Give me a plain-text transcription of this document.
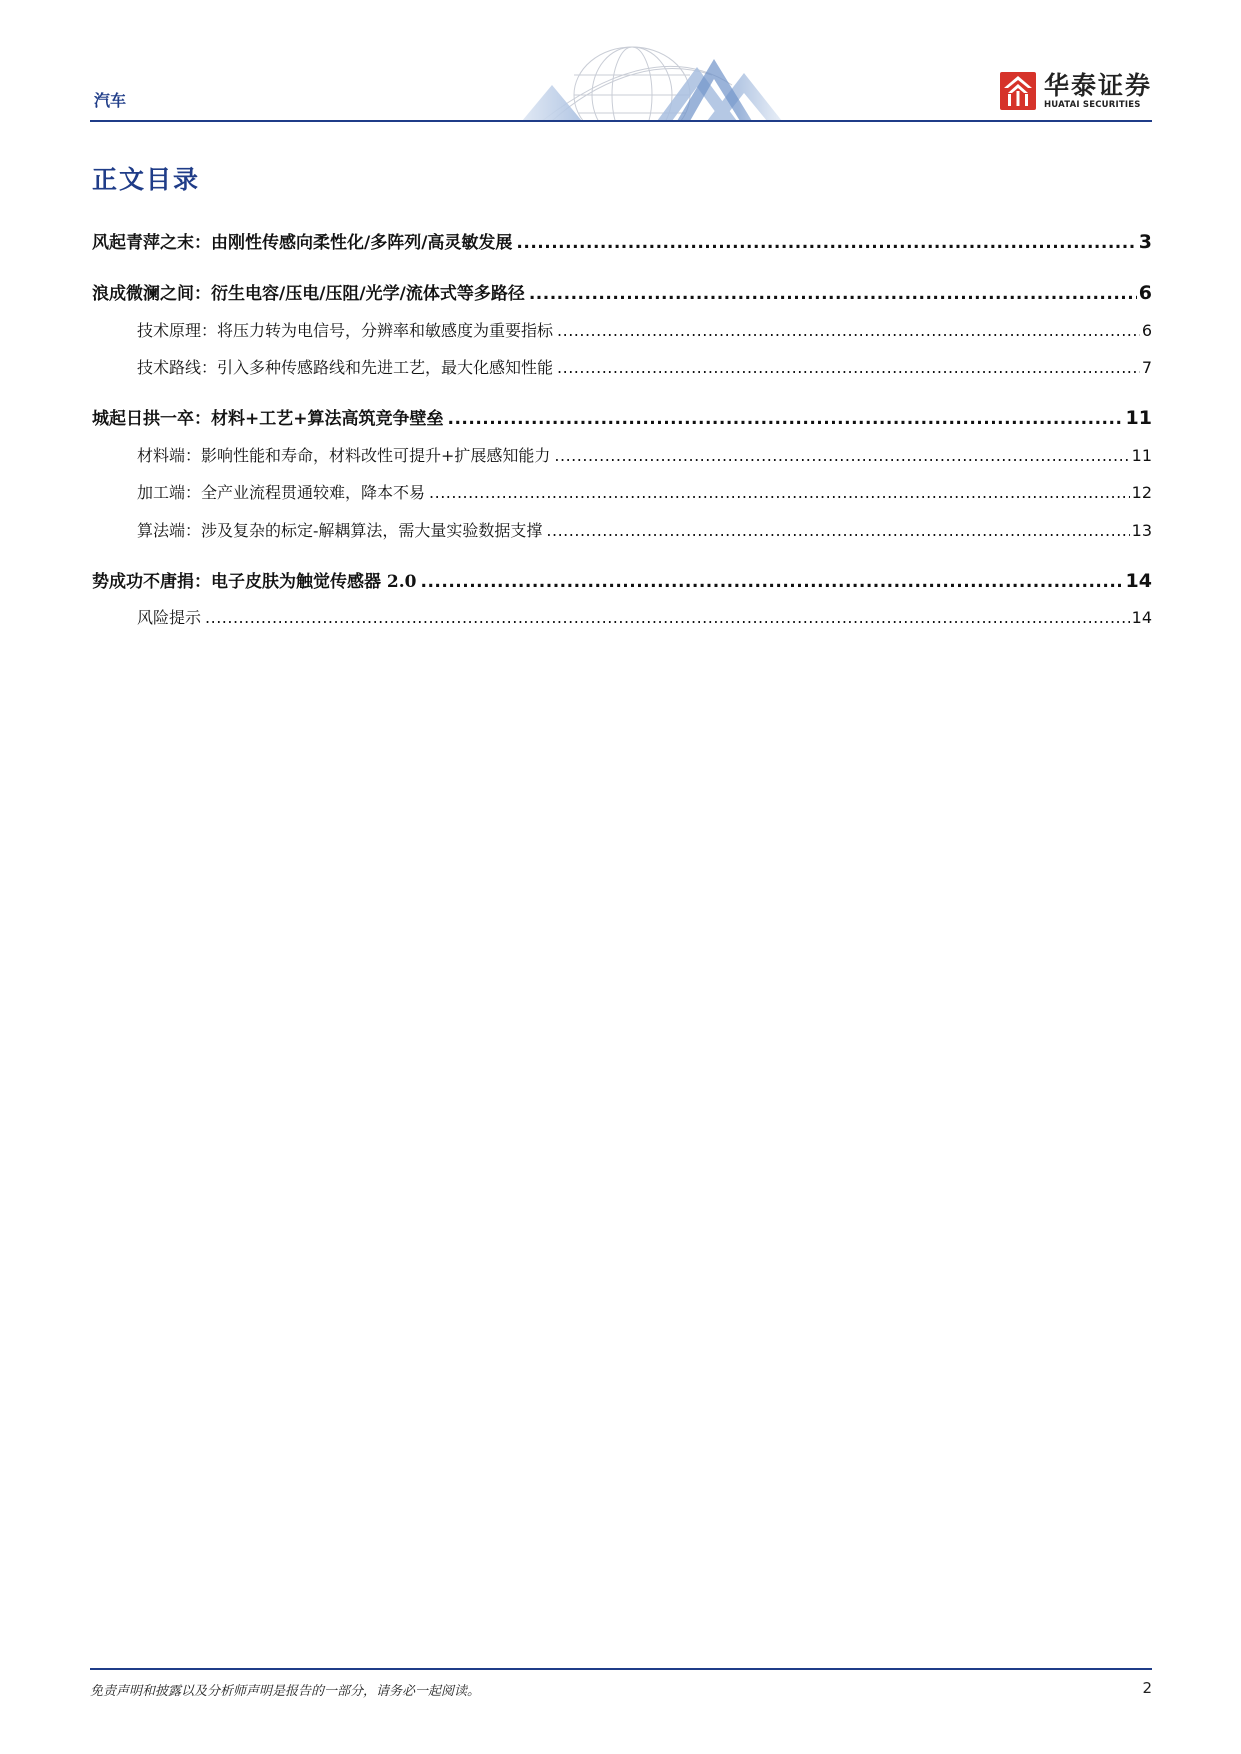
汽车
华泰证券
HUATAI SECURITIES
正文目录
风起青萍之末：由刚性传感向柔性化/多阵列/高灵敏发展 .....	3
浪成微澜之间：衍生电容/压电/压阻/光学/流体式等多路径 .....	6
技术原理：将压力转为电信号，分辨率和敏感度为重要指标 .....	6
技术路线：引入多种传感路线和先进工艺，最大化感知性能 .....	7
城起日拱一卒：材料+工艺+算法高筑竞争壁垒 .....	11
材料端：影响性能和寿命，材料改性可提升+扩展感知能力 .....	11
加工端：全产业流程贯通较难，降本不易 .....	12
算法端：涉及复杂的标定-解耦算法，需大量实验数据支撑 .....	13
势成功不唐捐：电子皮肤为触觉传感器 2.0 .....	14
风险提示 .....	14
免责声明和披露以及分析师声明是报告的一部分，请务必一起阅读。	2
